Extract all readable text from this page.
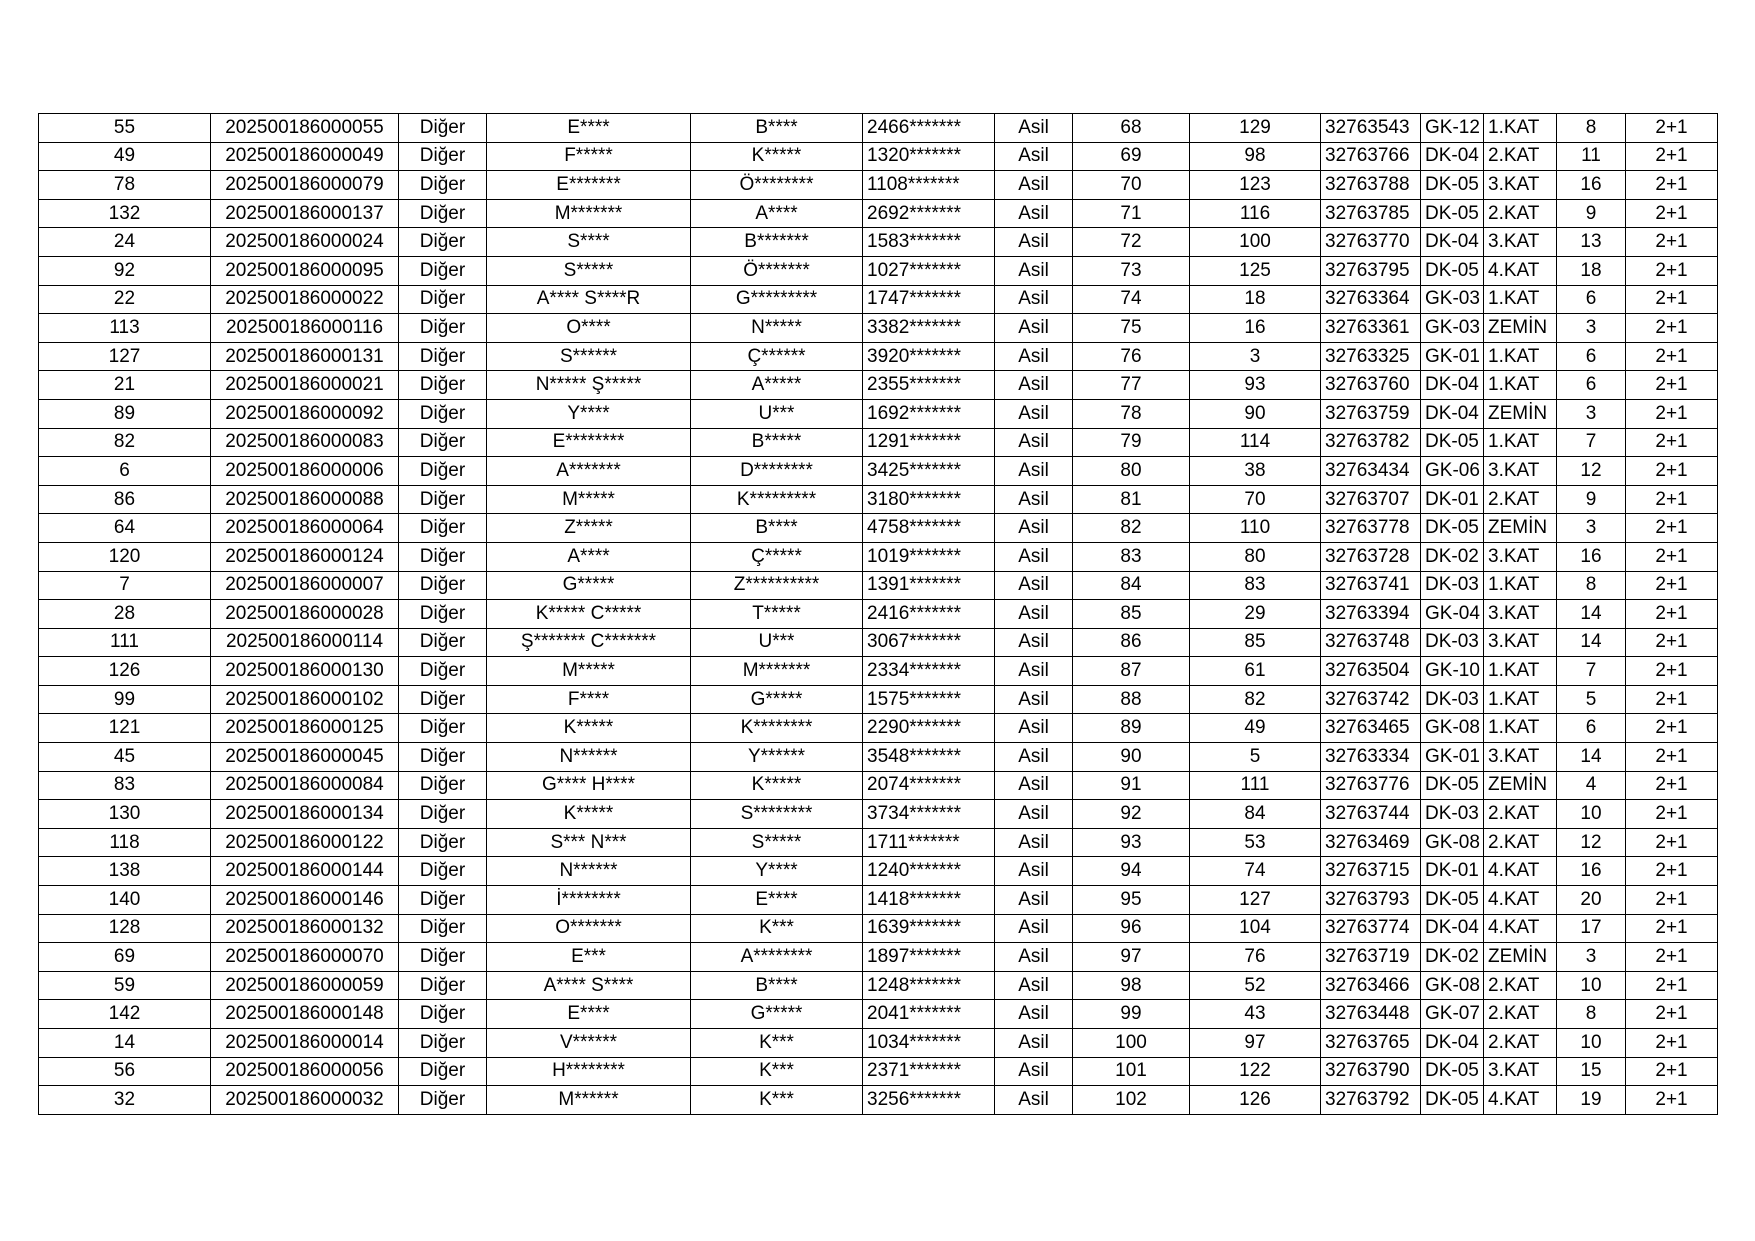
55	202500186000055	Diğer	E****	B****	2466*******	Asil	68	129	32763543	GK-12	1.KAT	8	2+1
49	202500186000049	Diğer	F*****	K*****	1320*******	Asil	69	98	32763766	DK-04	2.KAT	11	2+1
78	202500186000079	Diğer	E*******	Ö********	1108*******	Asil	70	123	32763788	DK-05	3.KAT	16	2+1
132	202500186000137	Diğer	M*******	A****	2692*******	Asil	71	116	32763785	DK-05	2.KAT	9	2+1
24	202500186000024	Diğer	S****	B*******	1583*******	Asil	72	100	32763770	DK-04	3.KAT	13	2+1
92	202500186000095	Diğer	S*****	Ö*******	1027*******	Asil	73	125	32763795	DK-05	4.KAT	18	2+1
22	202500186000022	Diğer	A**** S****R	G*********	1747*******	Asil	74	18	32763364	GK-03	1.KAT	6	2+1
113	202500186000116	Diğer	O****	N*****	3382*******	Asil	75	16	32763361	GK-03	ZEMİN	3	2+1
127	202500186000131	Diğer	S******	Ç******	3920*******	Asil	76	3	32763325	GK-01	1.KAT	6	2+1
21	202500186000021	Diğer	N***** Ş*****	A*****	2355*******	Asil	77	93	32763760	DK-04	1.KAT	6	2+1
89	202500186000092	Diğer	Y****	U***	1692*******	Asil	78	90	32763759	DK-04	ZEMİN	3	2+1
82	202500186000083	Diğer	E********	B*****	1291*******	Asil	79	114	32763782	DK-05	1.KAT	7	2+1
6	202500186000006	Diğer	A*******	D********	3425*******	Asil	80	38	32763434	GK-06	3.KAT	12	2+1
86	202500186000088	Diğer	M*****	K*********	3180*******	Asil	81	70	32763707	DK-01	2.KAT	9	2+1
64	202500186000064	Diğer	Z*****	B****	4758*******	Asil	82	110	32763778	DK-05	ZEMİN	3	2+1
120	202500186000124	Diğer	A****	Ç*****	1019*******	Asil	83	80	32763728	DK-02	3.KAT	16	2+1
7	202500186000007	Diğer	G*****	Z**********	1391*******	Asil	84	83	32763741	DK-03	1.KAT	8	2+1
28	202500186000028	Diğer	K***** C*****	T*****	2416*******	Asil	85	29	32763394	GK-04	3.KAT	14	2+1
111	202500186000114	Diğer	Ş******* C*******	U***	3067*******	Asil	86	85	32763748	DK-03	3.KAT	14	2+1
126	202500186000130	Diğer	M*****	M*******	2334*******	Asil	87	61	32763504	GK-10	1.KAT	7	2+1
99	202500186000102	Diğer	F****	G*****	1575*******	Asil	88	82	32763742	DK-03	1.KAT	5	2+1
121	202500186000125	Diğer	K*****	K********	2290*******	Asil	89	49	32763465	GK-08	1.KAT	6	2+1
45	202500186000045	Diğer	N******	Y******	3548*******	Asil	90	5	32763334	GK-01	3.KAT	14	2+1
83	202500186000084	Diğer	G**** H****	K*****	2074*******	Asil	91	111	32763776	DK-05	ZEMİN	4	2+1
130	202500186000134	Diğer	K*****	S********	3734*******	Asil	92	84	32763744	DK-03	2.KAT	10	2+1
118	202500186000122	Diğer	S*** N***	S*****	1711*******	Asil	93	53	32763469	GK-08	2.KAT	12	2+1
138	202500186000144	Diğer	N******	Y****	1240*******	Asil	94	74	32763715	DK-01	4.KAT	16	2+1
140	202500186000146	Diğer	İ********	E****	1418*******	Asil	95	127	32763793	DK-05	4.KAT	20	2+1
128	202500186000132	Diğer	O*******	K***	1639*******	Asil	96	104	32763774	DK-04	4.KAT	17	2+1
69	202500186000070	Diğer	E***	A********	1897*******	Asil	97	76	32763719	DK-02	ZEMİN	3	2+1
59	202500186000059	Diğer	A**** S****	B****	1248*******	Asil	98	52	32763466	GK-08	2.KAT	10	2+1
142	202500186000148	Diğer	E****	G*****	2041*******	Asil	99	43	32763448	GK-07	2.KAT	8	2+1
14	202500186000014	Diğer	V******	K***	1034*******	Asil	100	97	32763765	DK-04	2.KAT	10	2+1
56	202500186000056	Diğer	H********	K***	2371*******	Asil	101	122	32763790	DK-05	3.KAT	15	2+1
32	202500186000032	Diğer	M******	K***	3256*******	Asil	102	126	32763792	DK-05	4.KAT	19	2+1
